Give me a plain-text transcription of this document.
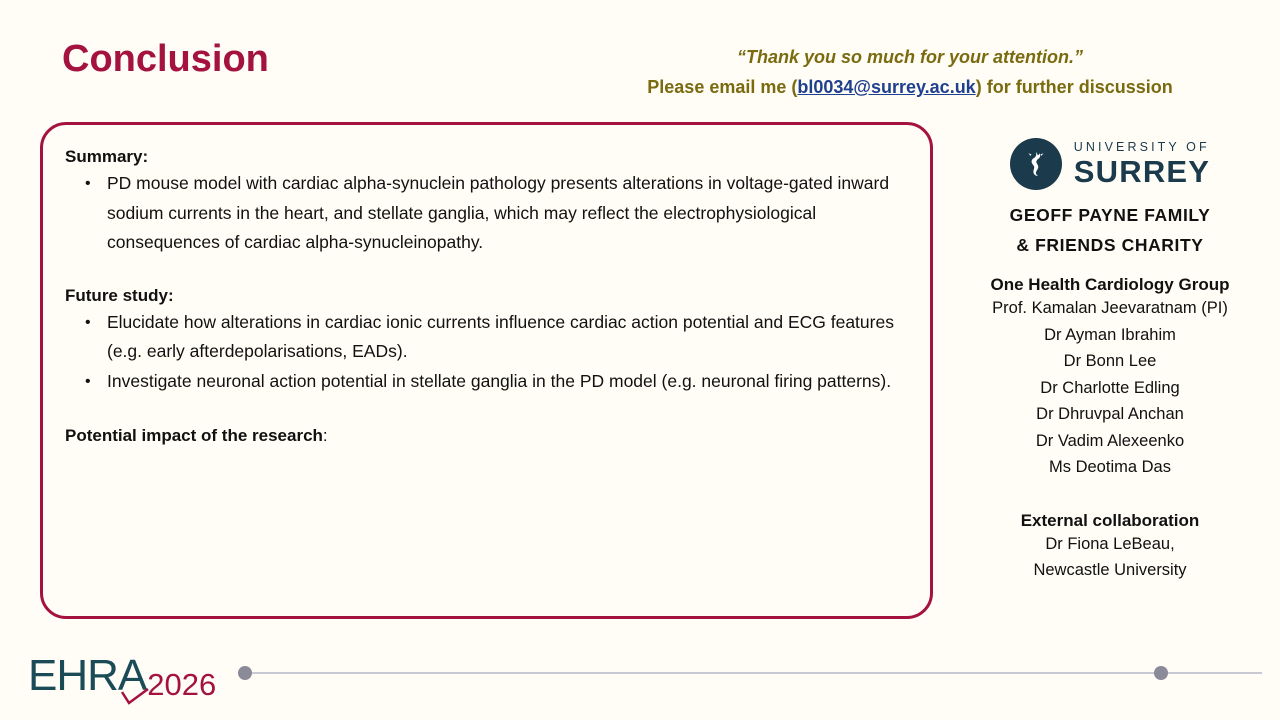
Conclusion	“Thank you so much for your attention.”
Please email me (bl0034@surrey.ac.uk) for further discussion
Summary:
• PD mouse model with cardiac alpha-synuclein pathology presents alterations in voltage-gated inward sodium currents in the heart, and stellate ganglia, which may reflect the electrophysiological consequences of cardiac alpha-synucleinopathy.
Future study:
• Elucidate how alterations in cardiac ionic currents influence cardiac action potential and ECG features (e.g. early afterdepolarisations, EADs).
• Investigate neuronal action potential in stellate ganglia in the PD model (e.g. neuronal firing patterns).
Potential impact of the research:
UNIVERSITY OF
SURREY
GEOFF PAYNE FAMILY
& FRIENDS CHARITY
One Health Cardiology Group
Prof. Kamalan Jeevaratnam (PI)
Dr Ayman Ibrahim
Dr Bonn Lee
Dr Charlotte Edling
Dr Dhruvpal Anchan
Dr Vadim Alexeenko
Ms Deotima Das
External collaboration
Dr Fiona LeBeau,
Newcastle University
EHRA 2026
